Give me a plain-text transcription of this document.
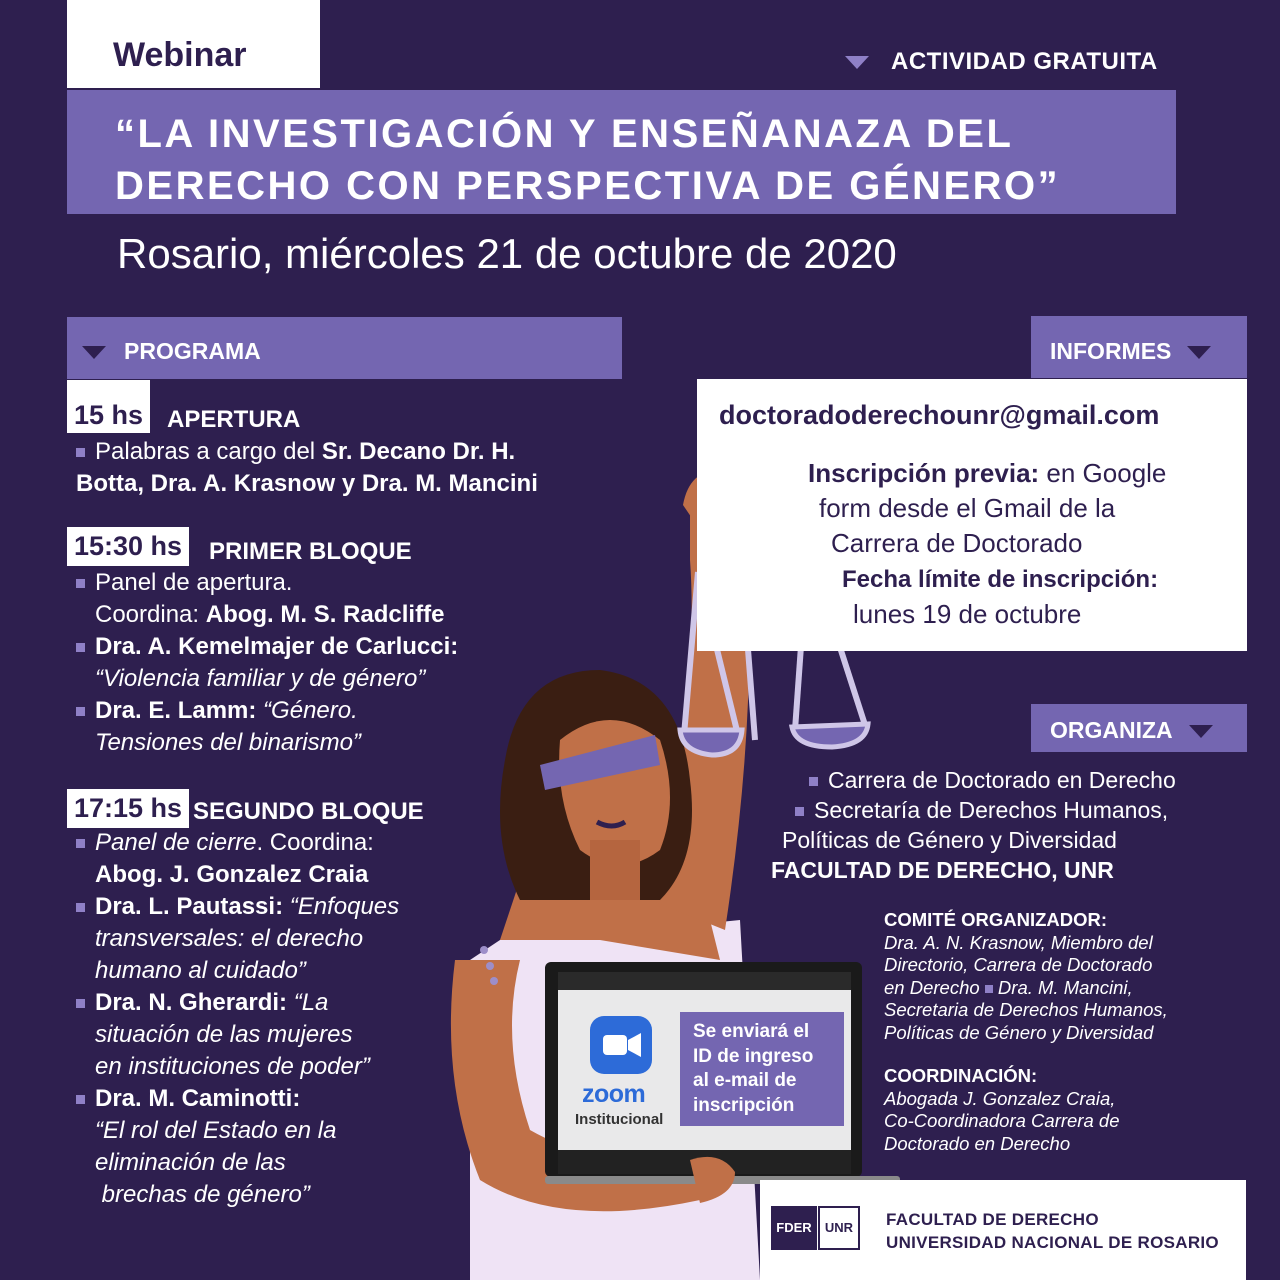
Webinar	ACTIVIDAD GRATUITA
“LA INVESTIGACIÓN Y ENSEÑANAZA DEL
DERECHO CON PERSPECTIVA DE GÉNERO”
Rosario, miércoles 21 de octubre de 2020
PROGRAMA
15 hs APERTURA
Palabras a cargo del Sr. Decano Dr. H.
Botta, Dra. A. Krasnow y Dra. M. Mancini
15:30 hs PRIMER BLOQUE
Panel de apertura.
Coordina: Abog. M. S. Radcliffe
Dra. A. Kemelmajer de Carlucci:
“Violencia familiar y de género”
Dra. E. Lamm: “Género.
Tensiones del binarismo”
17:15 hs SEGUNDO BLOQUE
Panel de cierre. Coordina:
Abog. J. Gonzalez Craia
Dra. L. Pautassi: “Enfoques
transversales: el derecho
humano al cuidado”
Dra. N. Gherardi: “La
situación de las mujeres
en instituciones de poder”
Dra. M. Caminotti:
“El rol del Estado en la
eliminación de las
brechas de género”
INFORMES
doctoradoderechounr@gmail.com
Inscripción previa: en Google
form desde el Gmail de la
Carrera de Doctorado
Fecha límite de inscripción:
lunes 19 de octubre
ORGANIZA
Carrera de Doctorado en Derecho
Secretaría de Derechos Humanos,
Políticas de Género y Diversidad
FACULTAD DE DERECHO, UNR
COMITÉ ORGANIZADOR:
Dra. A. N. Krasnow, Miembro del
Directorio, Carrera de Doctorado
en Derecho  Dra. M. Mancini,
Secretaria de Derechos Humanos,
Políticas de Género y Diversidad
COORDINACIÓN:
Abogada J. Gonzalez Craia,
Co-Coordinadora Carrera de
Doctorado en Derecho
zoom
Institucional
Se enviará el
ID de ingreso
al e-mail de
inscripción
FDER	UNR	FACULTAD DE DERECHO
UNIVERSIDAD NACIONAL DE ROSARIO
